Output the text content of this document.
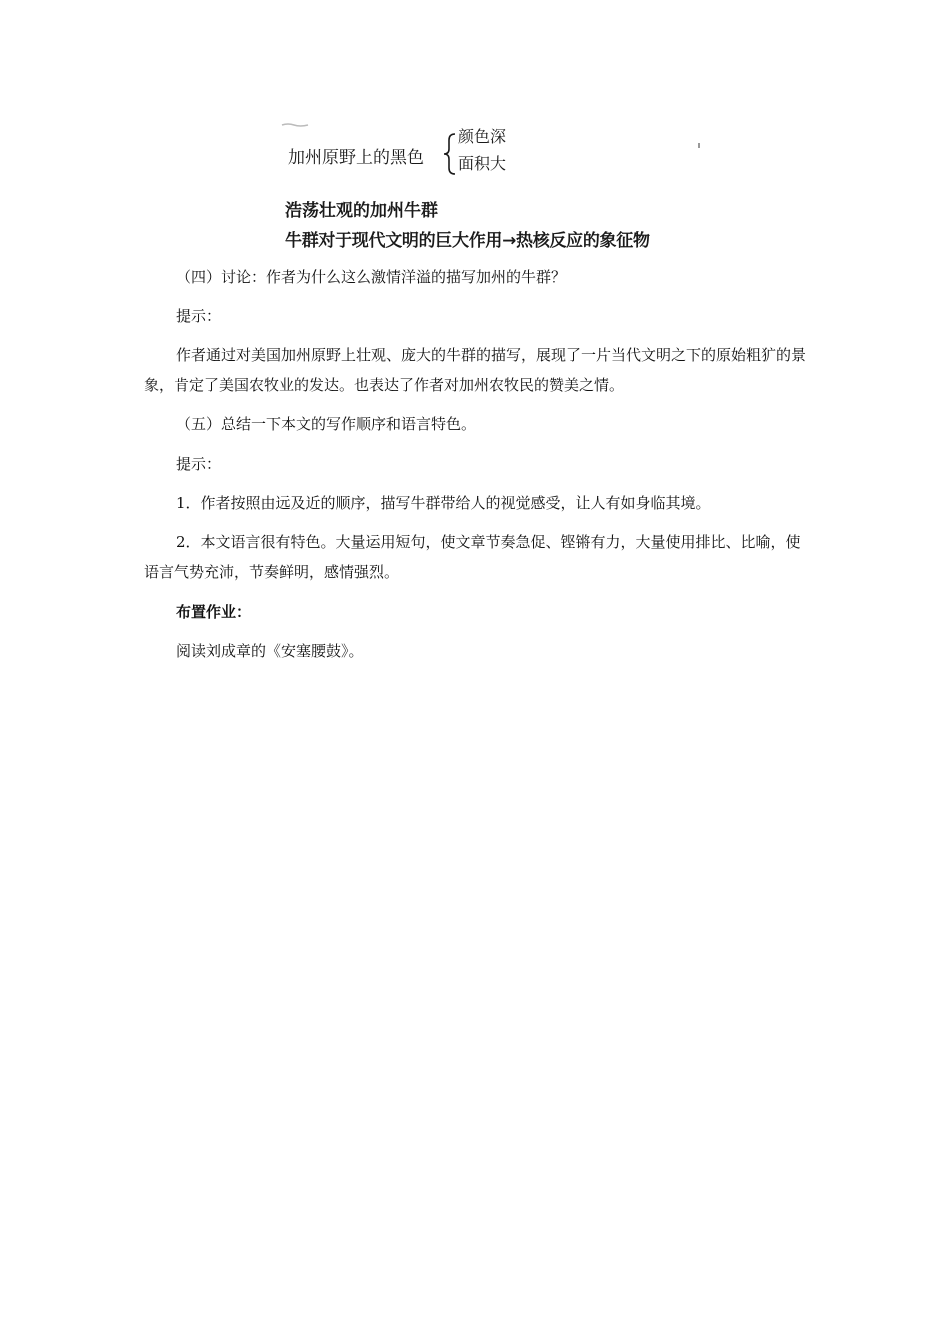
加州原野上的黑色
颜色深
面积大
浩荡壮观的加州牛群
牛群对于现代文明的巨大作用→热核反应的象征物

（四）讨论：作者为什么这么激情洋溢的描写加州的牛群？

提示：

作者通过对美国加州原野上壮观、庞大的牛群的描写，展现了一片当代文明之下的原始粗犷的景象，肯定了美国农牧业的发达。也表达了作者对加州农牧民的赞美之情。

（五）总结一下本文的写作顺序和语言特色。

提示：

1．作者按照由远及近的顺序，描写牛群带给人的视觉感受，让人有如身临其境。

2．本文语言很有特色。大量运用短句，使文章节奏急促、铿锵有力，大量使用排比、比喻，使语言气势充沛，节奏鲜明，感情强烈。

布置作业：

阅读刘成章的《安塞腰鼓》。
